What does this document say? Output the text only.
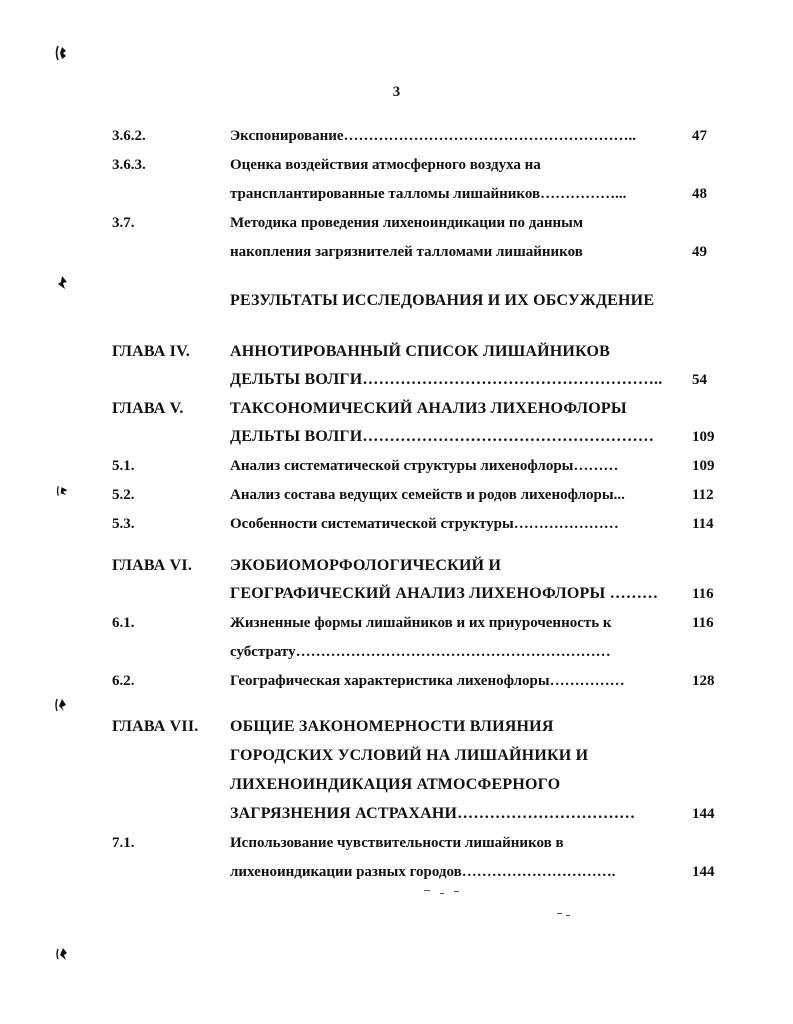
3
3.6.2.	Экспонирование…………………………………………………..	47
3.6.3.	Оценка воздействия атмосферного воздуха на
трансплантированные талломы лишайников……………...	48
3.7.	Методика проведения лихеноиндикации по данным
накопления загрязнителей талломами лишайников	49
РЕЗУЛЬТАТЫ ИССЛЕДОВАНИЯ И ИХ ОБСУЖДЕНИЕ
ГЛАВА IV.	АННОТИРОВАННЫЙ СПИСОК ЛИШАЙНИКОВ
ДЕЛЬТЫ ВОЛГИ……………………………………………….. 54
ГЛАВА V.	ТАКСОНОМИЧЕСКИЙ АНАЛИЗ ЛИХЕНОФЛОРЫ
ДЕЛЬТЫ ВОЛГИ………………………………………………	109
5.1.	Анализ систематической структуры лихенофлоры………	109
5.2.	Анализ состава ведущих семейств и родов лихенофлоры...	112
5.3.	Особенности систематической структуры…………………	114
ГЛАВА VI. ЭКОБИОМОРФОЛОГИЧЕСКИЙ И
ГЕОГРАФИЧЕСКИЙ АНАЛИЗ ЛИХЕНОФЛОРЫ ……… 116
6.1.	Жизненные формы лишайников и их приуроченность к	116
субстрату………………………………………………………
6.2.	Географическая характеристика лихенофлоры……………	128
ГЛАВА VII. ОБЩИЕ ЗАКОНОМЕРНОСТИ ВЛИЯНИЯ
ГОРОДСКИХ УСЛОВИЙ НА ЛИШАЙНИКИ И
ЛИХЕНОИНДИКАЦИЯ АТМОСФЕРНОГО
ЗАГРЯЗНЕНИЯ АСТРАХАНИ……………………………	144
7.1.	Использование чувствительности лишайников в
лихеноиндикации разных городов………………………….	144
